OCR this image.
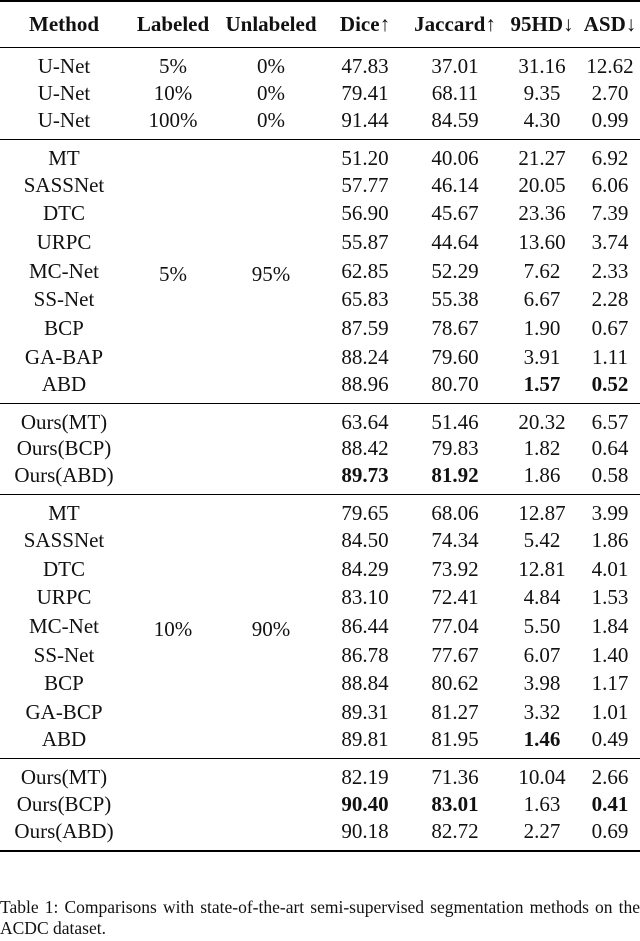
Method	Labeled	Unlabeled	Dice↑	Jaccard↑	95HD↓	ASD↓
U-Net	5%	0%	47.83	37.01	31.16	12.62
U-Net	10%	0%	79.41	68.11	9.35	2.70
U-Net	100%	0%	91.44	84.59	4.30	0.99
MT	5%	95%	51.20	40.06	21.27	6.92
SASSNet			57.77	46.14	20.05	6.06
DTC			56.90	45.67	23.36	7.39
URPC			55.87	44.64	13.60	3.74
MC-Net			62.85	52.29	7.62	2.33
SS-Net			65.83	55.38	6.67	2.28
BCP			87.59	78.67	1.90	0.67
GA-BAP			88.24	79.60	3.91	1.11
ABD			88.96	80.70	1.57	0.52
Ours(MT)			63.64	51.46	20.32	6.57
Ours(BCP)			88.42	79.83	1.82	0.64
Ours(ABD)			89.73	81.92	1.86	0.58
MT	10%	90%	79.65	68.06	12.87	3.99
SASSNet			84.50	74.34	5.42	1.86
DTC			84.29	73.92	12.81	4.01
URPC			83.10	72.41	4.84	1.53
MC-Net			86.44	77.04	5.50	1.84
SS-Net			86.78	77.67	6.07	1.40
BCP			88.84	80.62	3.98	1.17
GA-BCP			89.31	81.27	3.32	1.01
ABD			89.81	81.95	1.46	0.49
Ours(MT)			82.19	71.36	10.04	2.66
Ours(BCP)			90.40	83.01	1.63	0.41
Ours(ABD)			90.18	82.72	2.27	0.69
Table 1: Comparisons with state-of-the-art semi-supervised segmentation methods on the ACDC dataset.
